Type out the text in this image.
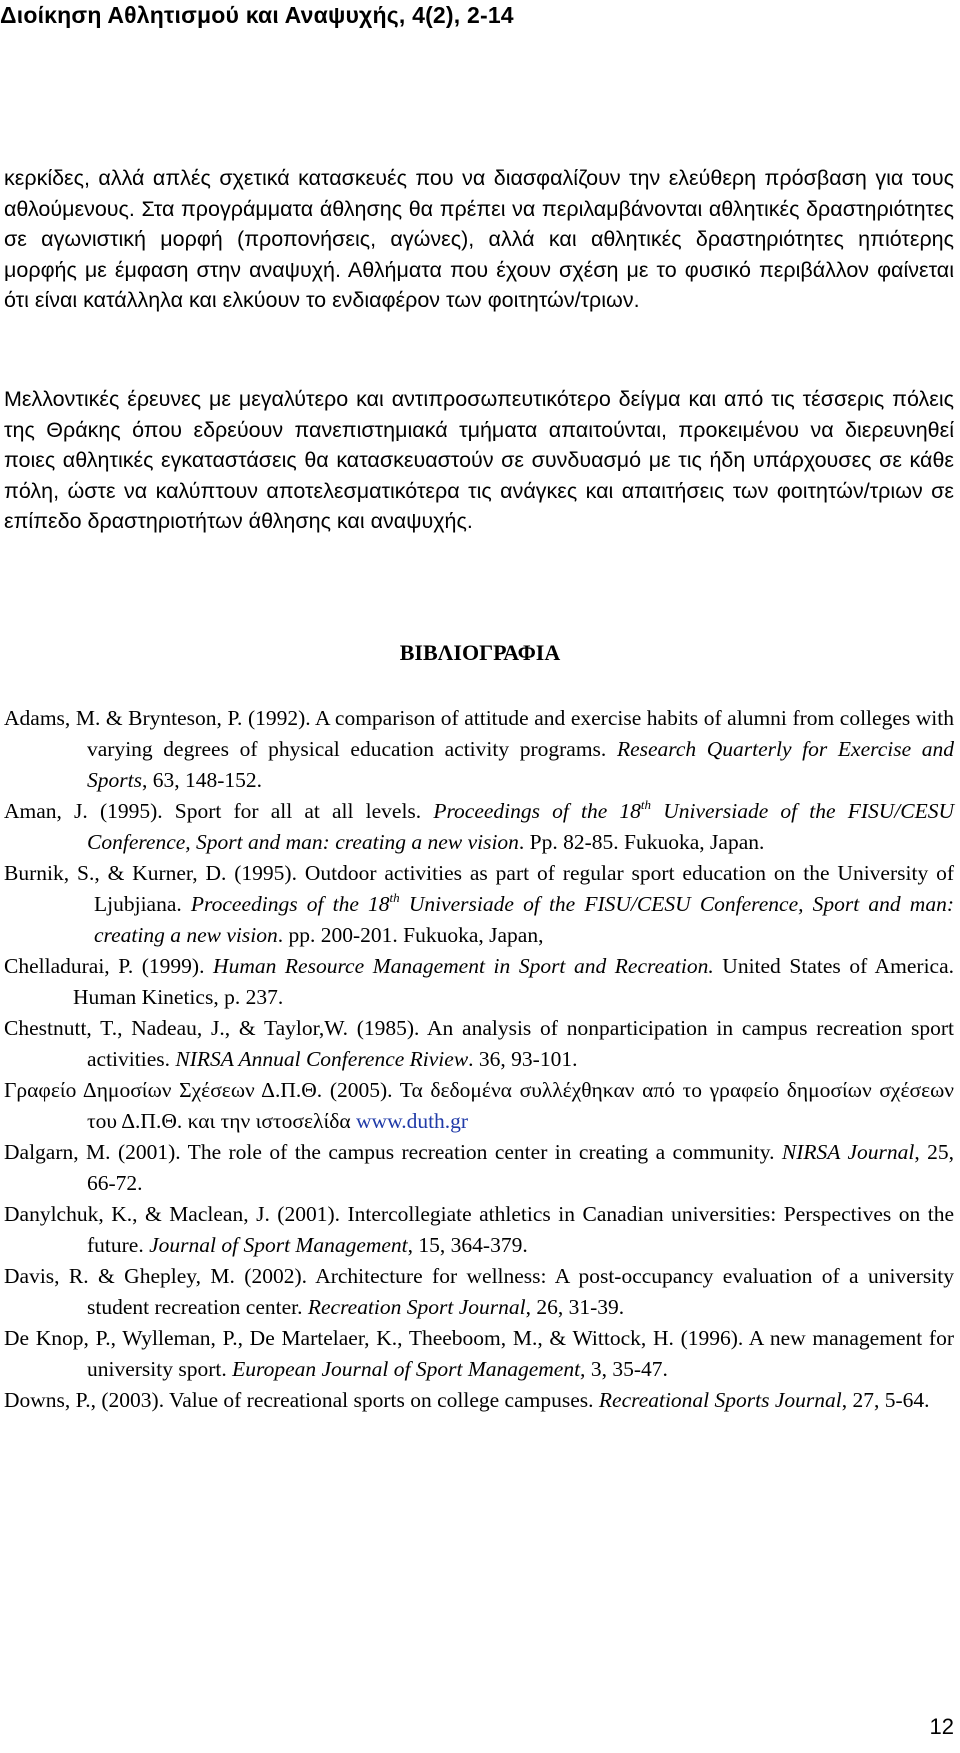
Διοίκηση Αθλητισμού και Αναψυχής, 4(2), 2-14

κερκίδες, αλλά απλές σχετικά κατασκευές που να διασφαλίζουν την ελεύθερη πρόσβαση για τους αθλούμενους. Στα προγράμματα άθλησης θα πρέπει να περιλαμβάνονται αθλητικές δραστηριότητες σε αγωνιστική μορφή (προπονήσεις, αγώνες), αλλά και αθλητικές δραστηριότητες ηπιότερης μορφής με έμφαση στην αναψυχή. Αθλήματα που έχουν σχέση με το φυσικό περιβάλλον φαίνεται ότι είναι κατάλληλα και ελκύουν το ενδιαφέρον των φοιτητών/τριων.

Μελλοντικές έρευνες με μεγαλύτερο και αντιπροσωπευτικότερο δείγμα και από τις τέσσερις πόλεις της Θράκης όπου εδρεύουν πανεπιστημιακά τμήματα απαιτούνται, προκειμένου να διερευνηθεί ποιες αθλητικές εγκαταστάσεις θα κατασκευαστούν σε συνδυασμό με τις ήδη υπάρχουσες σε κάθε πόλη, ώστε να καλύπτουν αποτελεσματικότερα τις ανάγκες και απαιτήσεις των φοιτητών/τριων σε επίπεδο δραστηριοτήτων άθλησης και αναψυχής.

ΒΙΒΛΙΟΓΡΑΦΙΑ

Adams, M. & Brynteson, P. (1992). A comparison of attitude and exercise habits of alumni from colleges with varying degrees of physical education activity programs. Research Quarterly for Exercise and Sports, 63, 148-152.

Aman, J. (1995). Sport for all at all levels. Proceedings of the 18th Universiade of the FISU/CESU Conference, Sport and man: creating a new vision. Pp. 82-85. Fukuoka, Japan.

Burnik, S., & Kurner, D. (1995). Outdoor activities as part of regular sport education on the University of Ljubjiana. Proceedings of the 18th Universiade of the FISU/CESU Conference, Sport and man: creating a new vision. pp. 200-201. Fukuoka, Japan,

Chelladurai, P. (1999). Human Resource Management in Sport and Recreation. United States of America. Human Kinetics, p. 237.

Chestnutt, T., Nadeau, J., & Taylor,W. (1985). An analysis of nonparticipation in campus recreation sport activities. NIRSA Annual Conference Riview. 36, 93-101.

Γραφείο Δημοσίων Σχέσεων Δ.Π.Θ. (2005). Τα δεδομένα συλλέχθηκαν από το γραφείο δημοσίων σχέσεων του Δ.Π.Θ. και την ιστοσελίδα www.duth.gr

Dalgarn, M. (2001). The role of the campus recreation center in creating a community. NIRSA Journal, 25, 66-72.

Danylchuk, K., & Maclean, J. (2001). Intercollegiate athletics in Canadian universities: Perspectives on the future. Journal of Sport Management, 15, 364-379.

Davis, R. & Ghepley, M. (2002). Architecture for wellness: A post-occupancy evaluation of a university student recreation center. Recreation Sport Journal, 26, 31-39.

De Knop, P., Wylleman, P., De Martelaer, K., Theeboom, M., & Wittock, H. (1996). A new management for university sport. European Journal of Sport Management, 3, 35-47.

Downs, P., (2003). Value of recreational sports on college campuses. Recreational Sports Journal, 27, 5-64.

12
